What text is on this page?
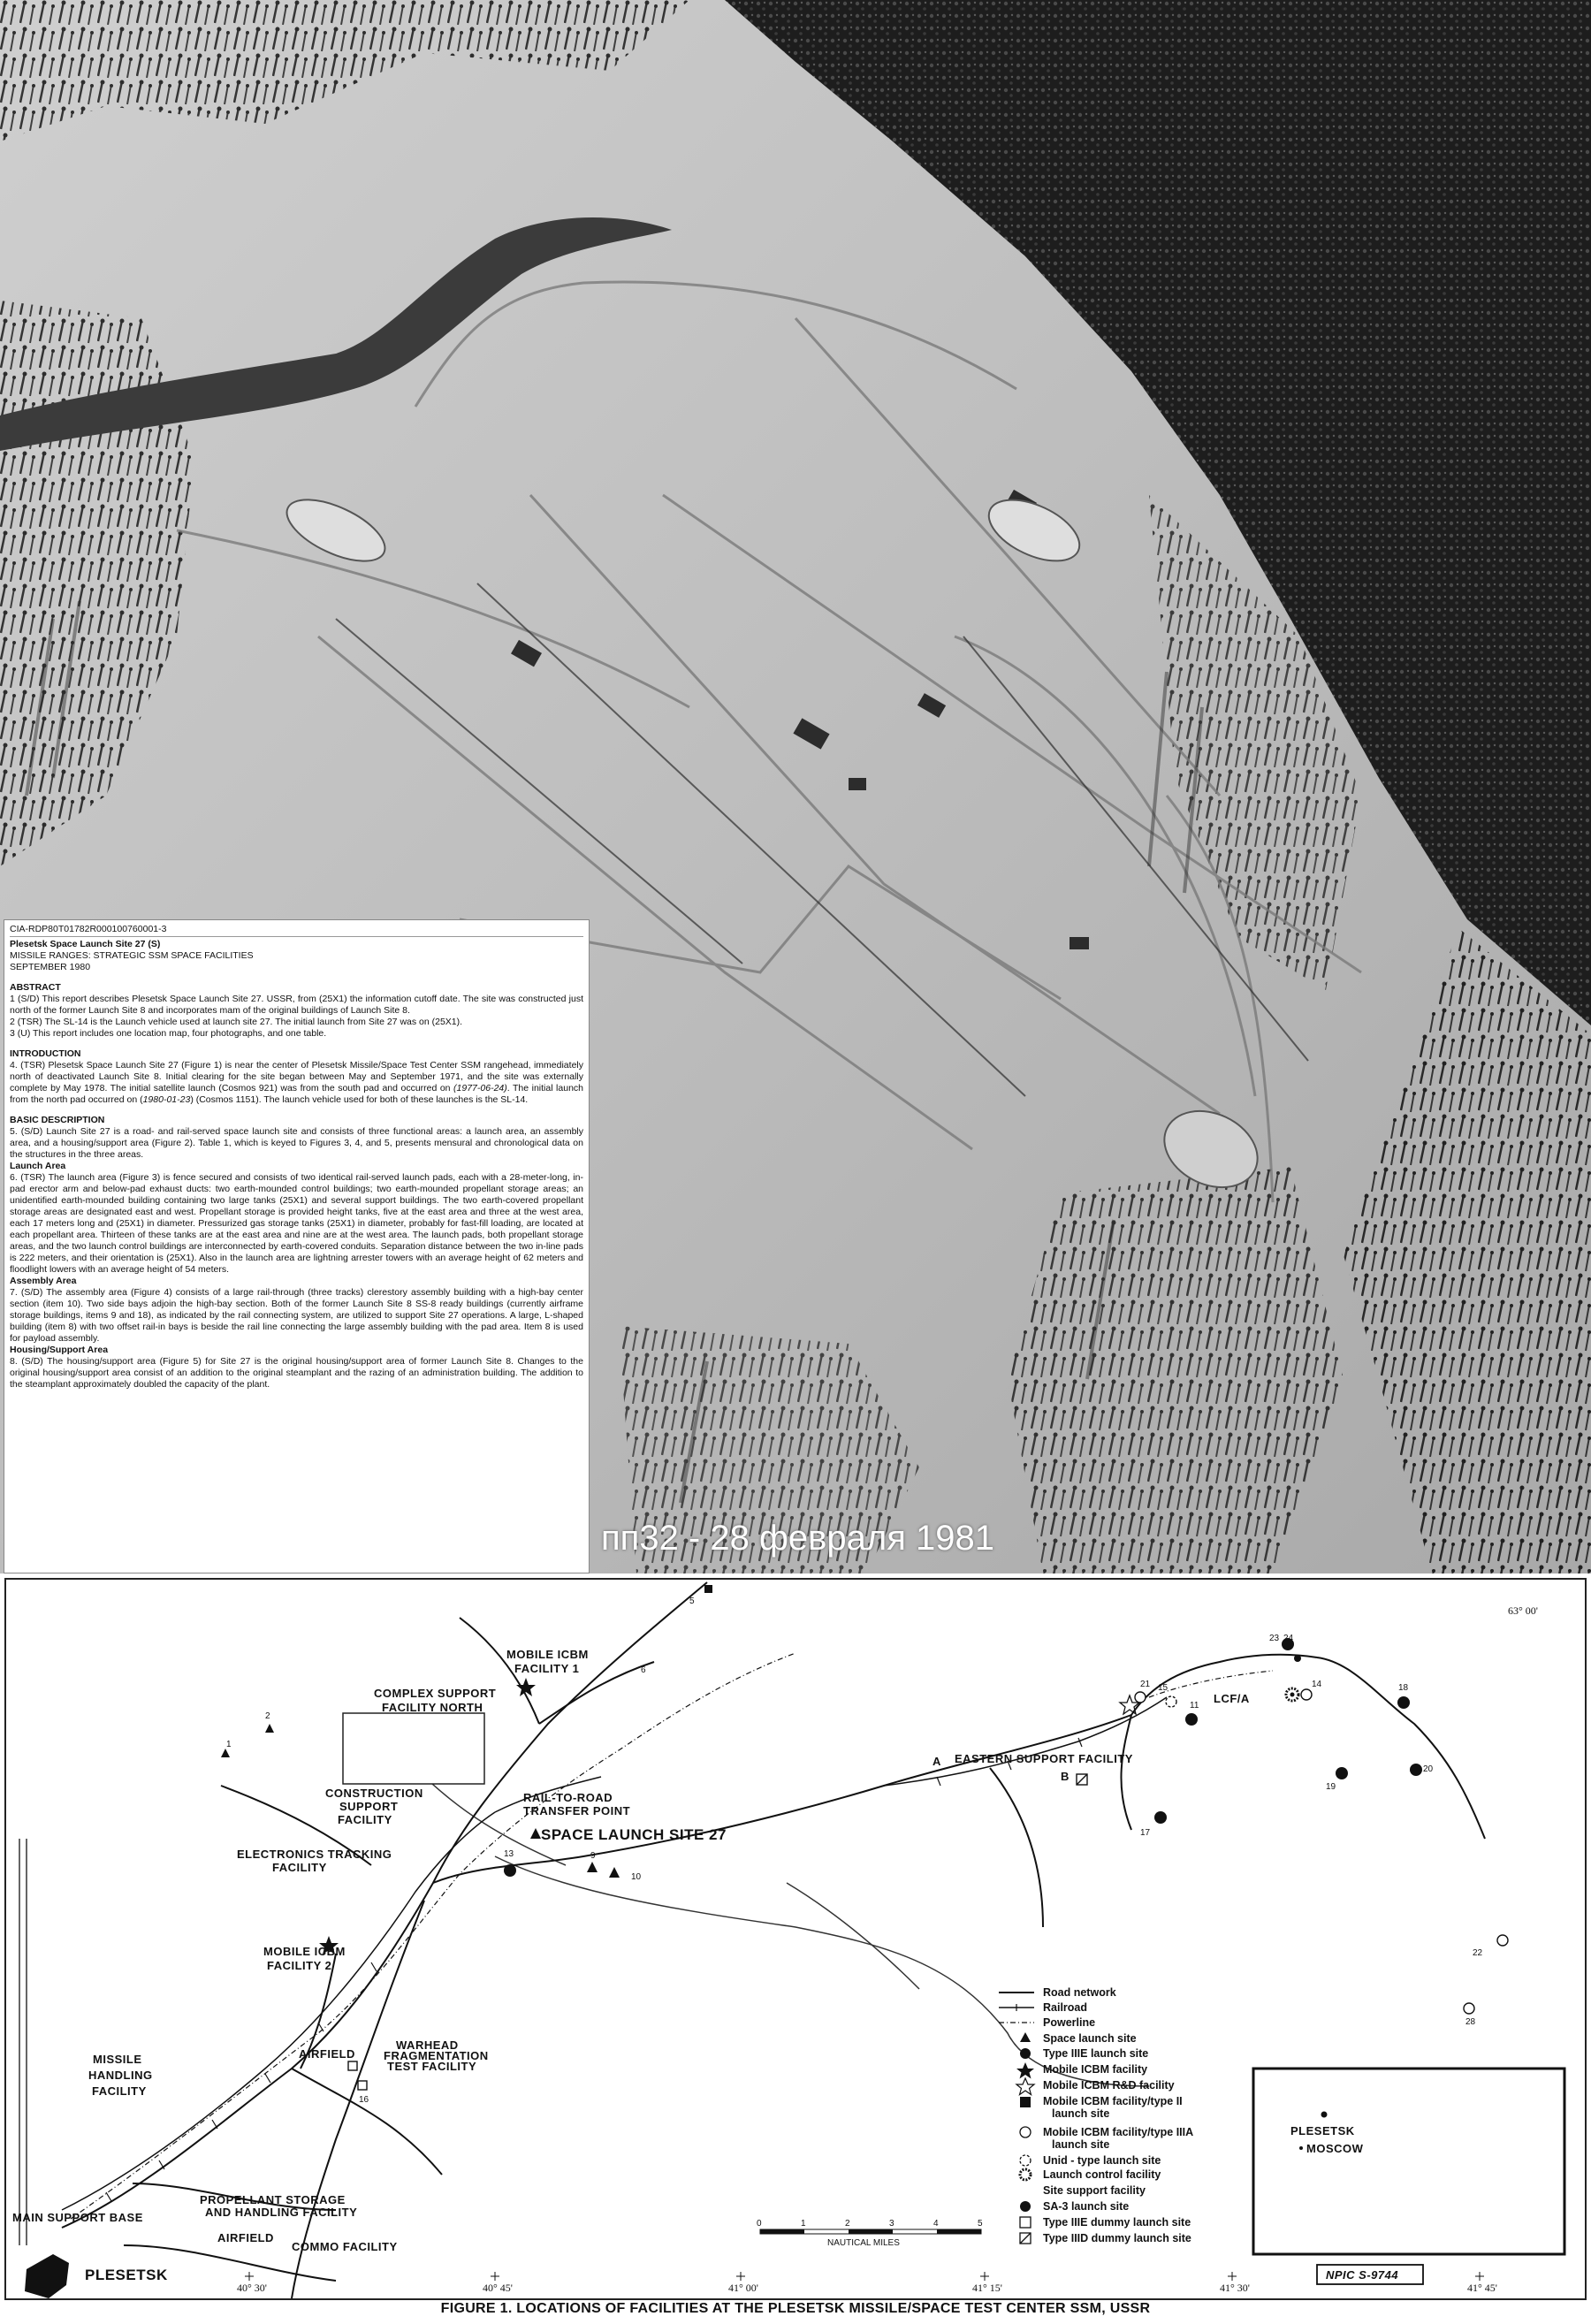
пп32 - 28 февраля 1981
CIA-RDP80T01782R000100760001-3
Plesetsk Space Launch Site 27 (S)
MISSILE RANGES: STRATEGIC SSM SPACE FACILITIES
SEPTEMBER 1980
ABSTRACT

1 (S/D) This report describes Plesetsk Space Launch Site 27. USSR, from (25X1) the information cutoff date. The site was constructed just north of the former Launch Site 8 and incorporates mam of the original buildings of Launch Site 8.

2 (TSR) The SL-14 is the Launch vehicle used at launch site 27. The initial launch from Site 27 was on (25X1).

3 (U) This report includes one location map, four photographs, and one table.

INTRODUCTION

4. (TSR) Plesetsk Space Launch Site 27 (Figure 1) is near the center of Plesetsk Missile/Space Test Center SSM rangehead, immediately north of deactivated Launch Site 8. Initial clearing for the site began between May and September 1971, and the site was externally complete by May 1978. The initial satellite launch (Cosmos 921) was from the south pad and occurred on (1977-06-24). The initial launch from the north pad occurred on (1980-01-23) (Cosmos 1151). The launch vehicle used for both of these launches is the SL-14.

BASIC DESCRIPTION

5. (S/D) Launch Site 27 is a road- and rail-served space launch site and consists of three functional areas: a launch area, an assembly area, and a housing/support area (Figure 2). Table 1, which is keyed to Figures 3, 4, and 5, presents mensural and chronological data on the structures in the three areas.

Launch Area

6. (TSR) The launch area (Figure 3) is fence secured and consists of two identical rail-served launch pads, each with a 28-meter-long, in-pad erector arm and below-pad exhaust ducts: two earth-mounded control buildings; two earth-mounded propellant storage areas; an unidentified earth-mounded building containing two large tanks (25X1) and several support buildings. The two earth-covered propellant storage areas are designated east and west. Propellant storage is provided height tanks, five at the east area and three at the west area, each 17 meters long and (25X1) in diameter. Pressurized gas storage tanks (25X1) in diameter, probably for fast-fill loading, are located at each propellant area. Thirteen of these tanks are at the east area and nine are at the west area. The launch pads, both propellant storage areas, and the two launch control buildings are interconnected by earth-covered conduits. Separation distance between the two in-line pads is 222 meters, and their orientation is (25X1). Also in the launch area are lightning arrester towers with an average height of 62 meters and floodlight lowers with an average height of 54 meters.

Assembly Area

7. (S/D) The assembly area (Figure 4) consists of a large rail-through (three tracks) clerestory assembly building with a high-bay center section (item 10). Two side bays adjoin the high-bay section. Both of the former Launch Site 8 SS-8 ready buildings (currently airframe storage buildings, items 9 and 18), as indicated by the rail connecting system, are utilized to support Site 27 operations. A large, L-shaped building (item 8) with two offset rail-in bays is beside the rail line connecting the large assembly building with the pad area. Item 8 is used for payload assembly.

Housing/Support Area

8. (S/D) The housing/support area (Figure 5) for Site 27 is the original housing/support area of former Launch Site 8. Changes to the original housing/support area consist of an addition to the original steamplant and the razing of an administration building. The addition to the steamplant approximately doubled the capacity of the plant.

MOBILE ICBM
FACILITY 1
COMPLEX SUPPORT
FACILITY NORTH
CONSTRUCTION
SUPPORT
FACILITY
ELECTRONICS TRACKING
FACILITY
RAIL-TO-ROAD
TRANSFER POINT
SPACE LAUNCH SITE 27
MOBILE ICBM
FACILITY 2
MISSILE
HANDLING
FACILITY
WARHEAD
FRAGMENTATION
TEST FACILITY
AIRFIELD
COMMO FACILITY
PROPELLANT STORAGE
AND HANDLING FACILITY
MAIN SUPPORT BASE
AIRFIELD
PLESETSK
EASTERN SUPPORT FACILITY
LCF/A
A
B
1
2
5
6
9
10
11
13
14
15
16
17
18
19
20
21
22
23 24
28
63° 00'
40° 30'	40° 45'	41° 00'	41° 15'	41° 30'	41° 45'
0	1	2	3	4	5
NAUTICAL MILES
Road network
Railroad
Powerline
Space launch site
Type IIIE launch site
Mobile ICBM facility
Mobile ICBM R&D facility
Mobile ICBM facility/type II
launch site
Mobile ICBM facility/type IIIA
launch site
Unid - type launch site
Launch control facility
Site support facility
SA-3 launch site
Type IIIE dummy launch site
Type IIID dummy launch site
PLESETSK
MOSCOW
NPIC S-9744
FIGURE 1. LOCATIONS OF FACILITIES AT THE PLESETSK MISSILE/SPACE TEST CENTER SSM, USSR
